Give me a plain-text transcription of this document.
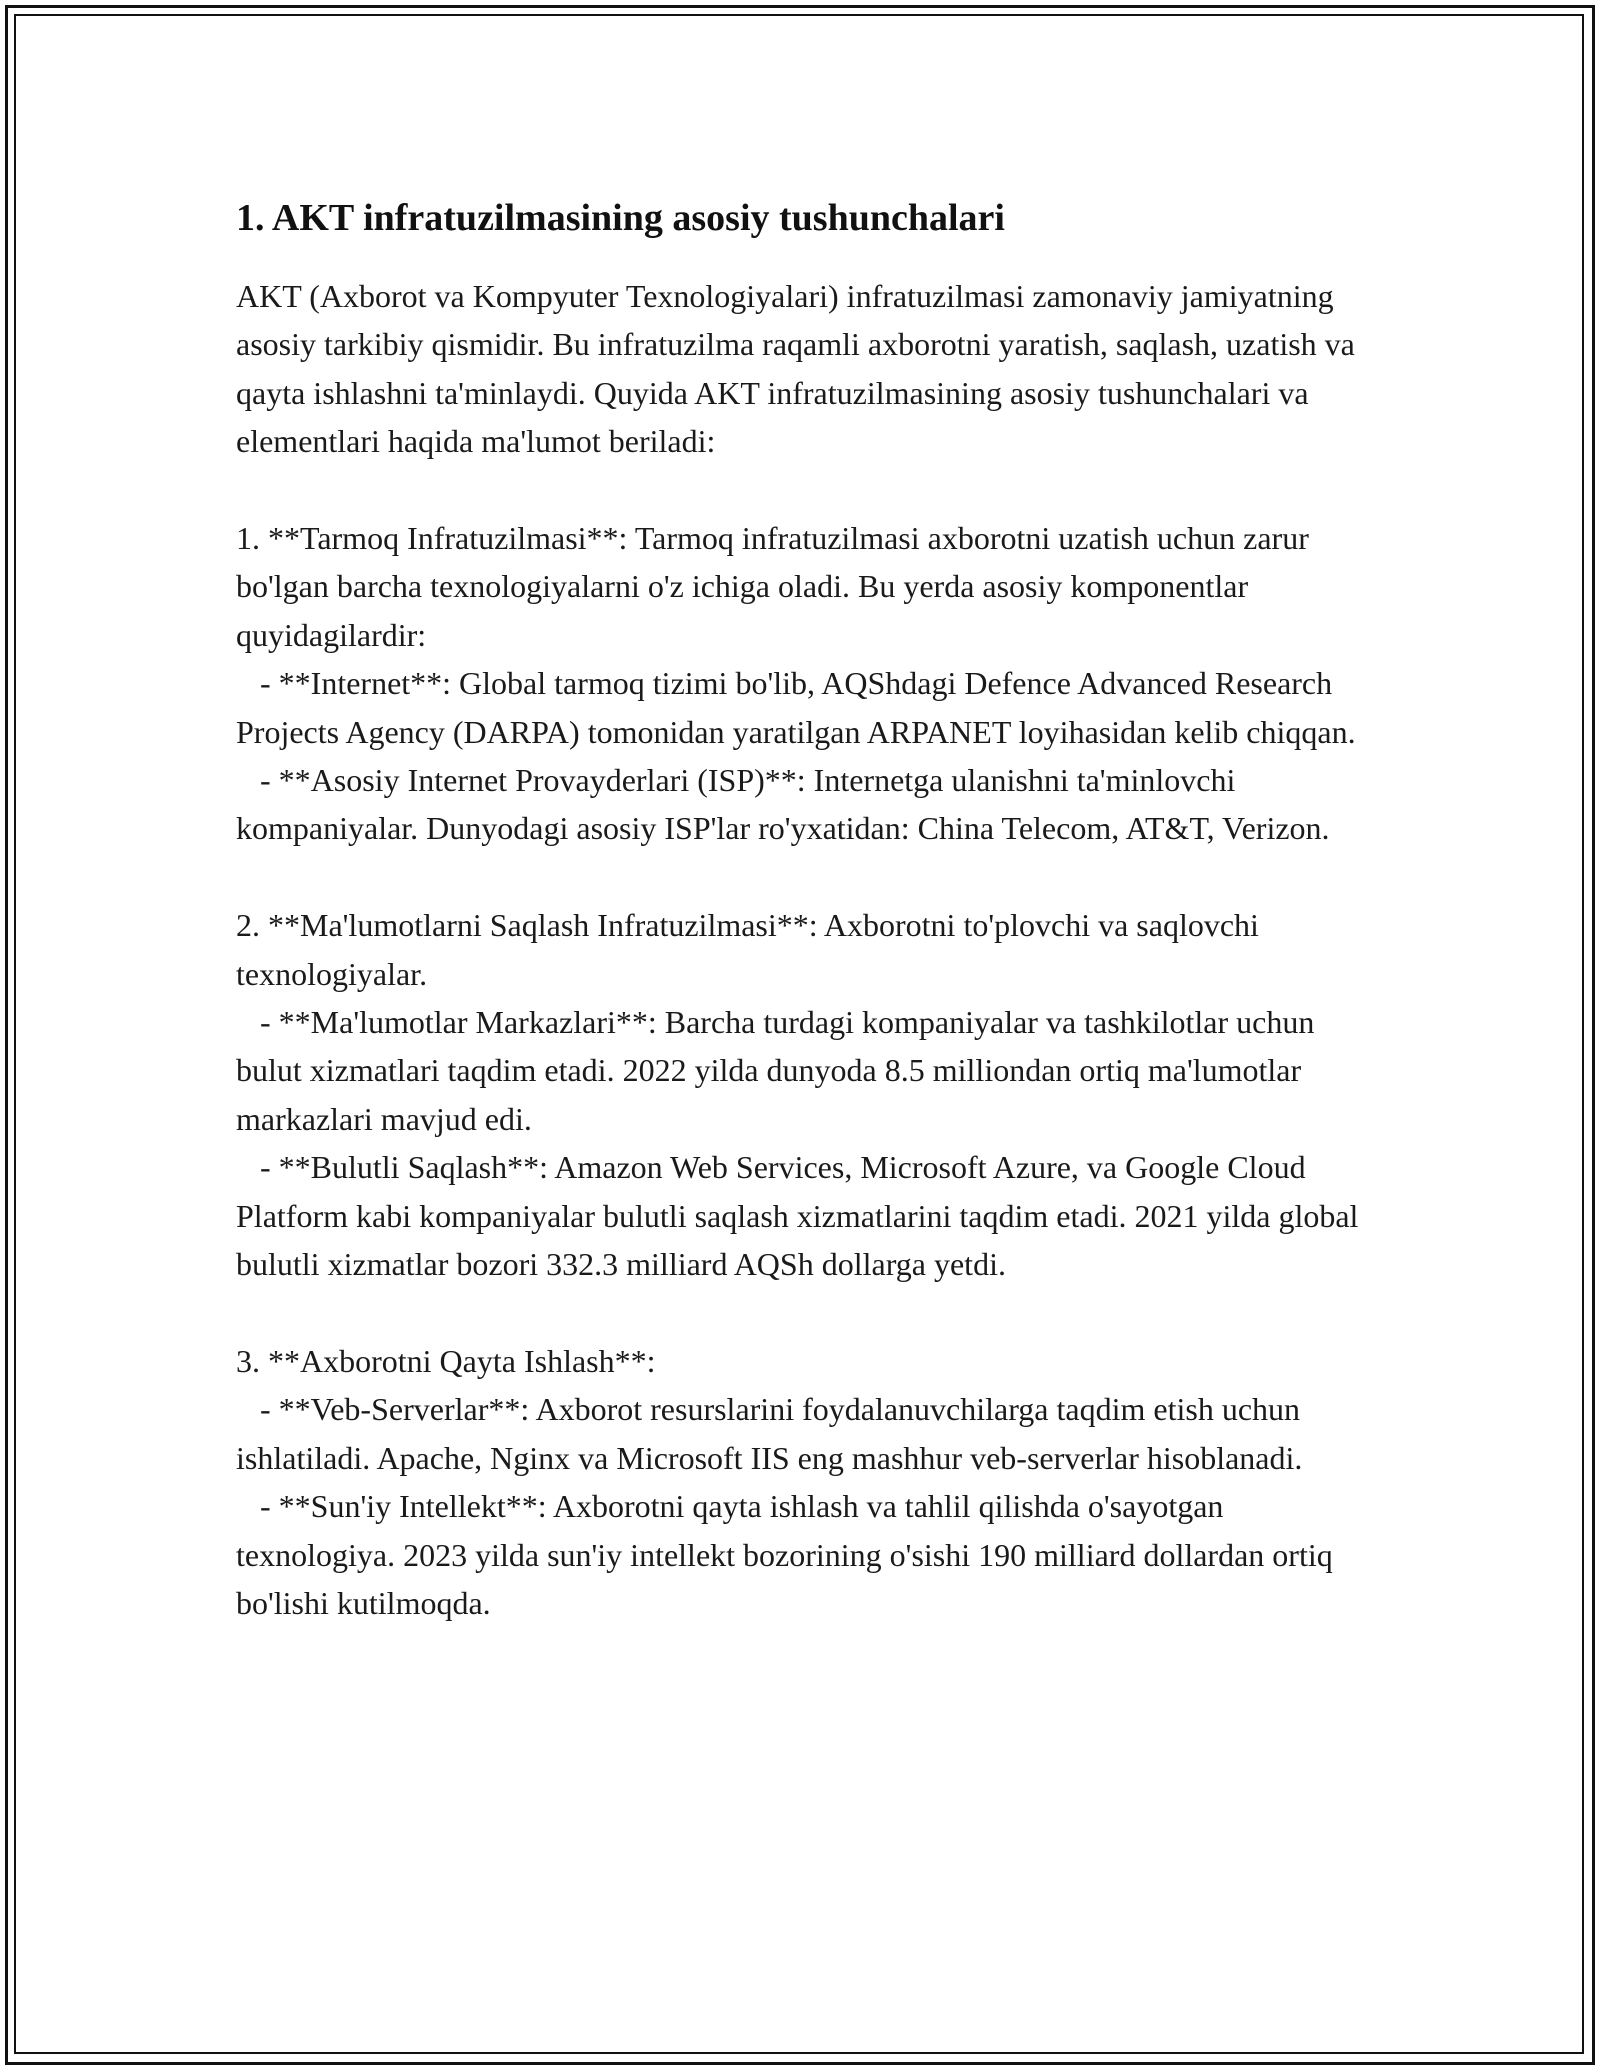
1. AKT infratuzilmasining asosiy tushunchalari

AKT (Axborot va Kompyuter Texnologiyalari) infratuzilmasi zamonaviy jamiyatning asosiy tarkibiy qismidir. Bu infratuzilma raqamli axborotni yaratish, saqlash, uzatish va qayta ishlashni ta'minlaydi. Quyida AKT infratuzilmasining asosiy tushunchalari va elementlari haqida ma'lumot beriladi:

1. **Tarmoq Infratuzilmasi**: Tarmoq infratuzilmasi axborotni uzatish uchun zarur bo'lgan barcha texnologiyalarni o'z ichiga oladi. Bu yerda asosiy komponentlar quyidagilardir:

- **Internet**: Global tarmoq tizimi bo'lib, AQShdagi Defence Advanced Research Projects Agency (DARPA) tomonidan yaratilgan ARPANET loyihasidan kelib chiqqan.

- **Asosiy Internet Provayderlari (ISP)**: Internetga ulanishni ta'minlovchi kompaniyalar. Dunyodagi asosiy ISP'lar ro'yxatidan: China Telecom, AT&T, Verizon.

2. **Ma'lumotlarni Saqlash Infratuzilmasi**: Axborotni to'plovchi va saqlovchi texnologiyalar.

- **Ma'lumotlar Markazlari**: Barcha turdagi kompaniyalar va tashkilotlar uchun bulut xizmatlari taqdim etadi. 2022 yilda dunyoda 8.5 milliondan ortiq ma'lumotlar markazlari mavjud edi.

- **Bulutli Saqlash**: Amazon Web Services, Microsoft Azure, va Google Cloud Platform kabi kompaniyalar bulutli saqlash xizmatlarini taqdim etadi. 2021 yilda global bulutli xizmatlar bozori 332.3 milliard AQSh dollarga yetdi.

3. **Axborotni Qayta Ishlash**:

- **Veb-Serverlar**: Axborot resurslarini foydalanuvchilarga taqdim etish uchun ishlatiladi. Apache, Nginx va Microsoft IIS eng mashhur veb-serverlar hisoblanadi.

- **Sun'iy Intellekt**: Axborotni qayta ishlash va tahlil qilishda o'sayotgan texnologiya. 2023 yilda sun'iy intellekt bozorining o'sishi 190 milliard dollardan ortiq bo'lishi kutilmoqda.
